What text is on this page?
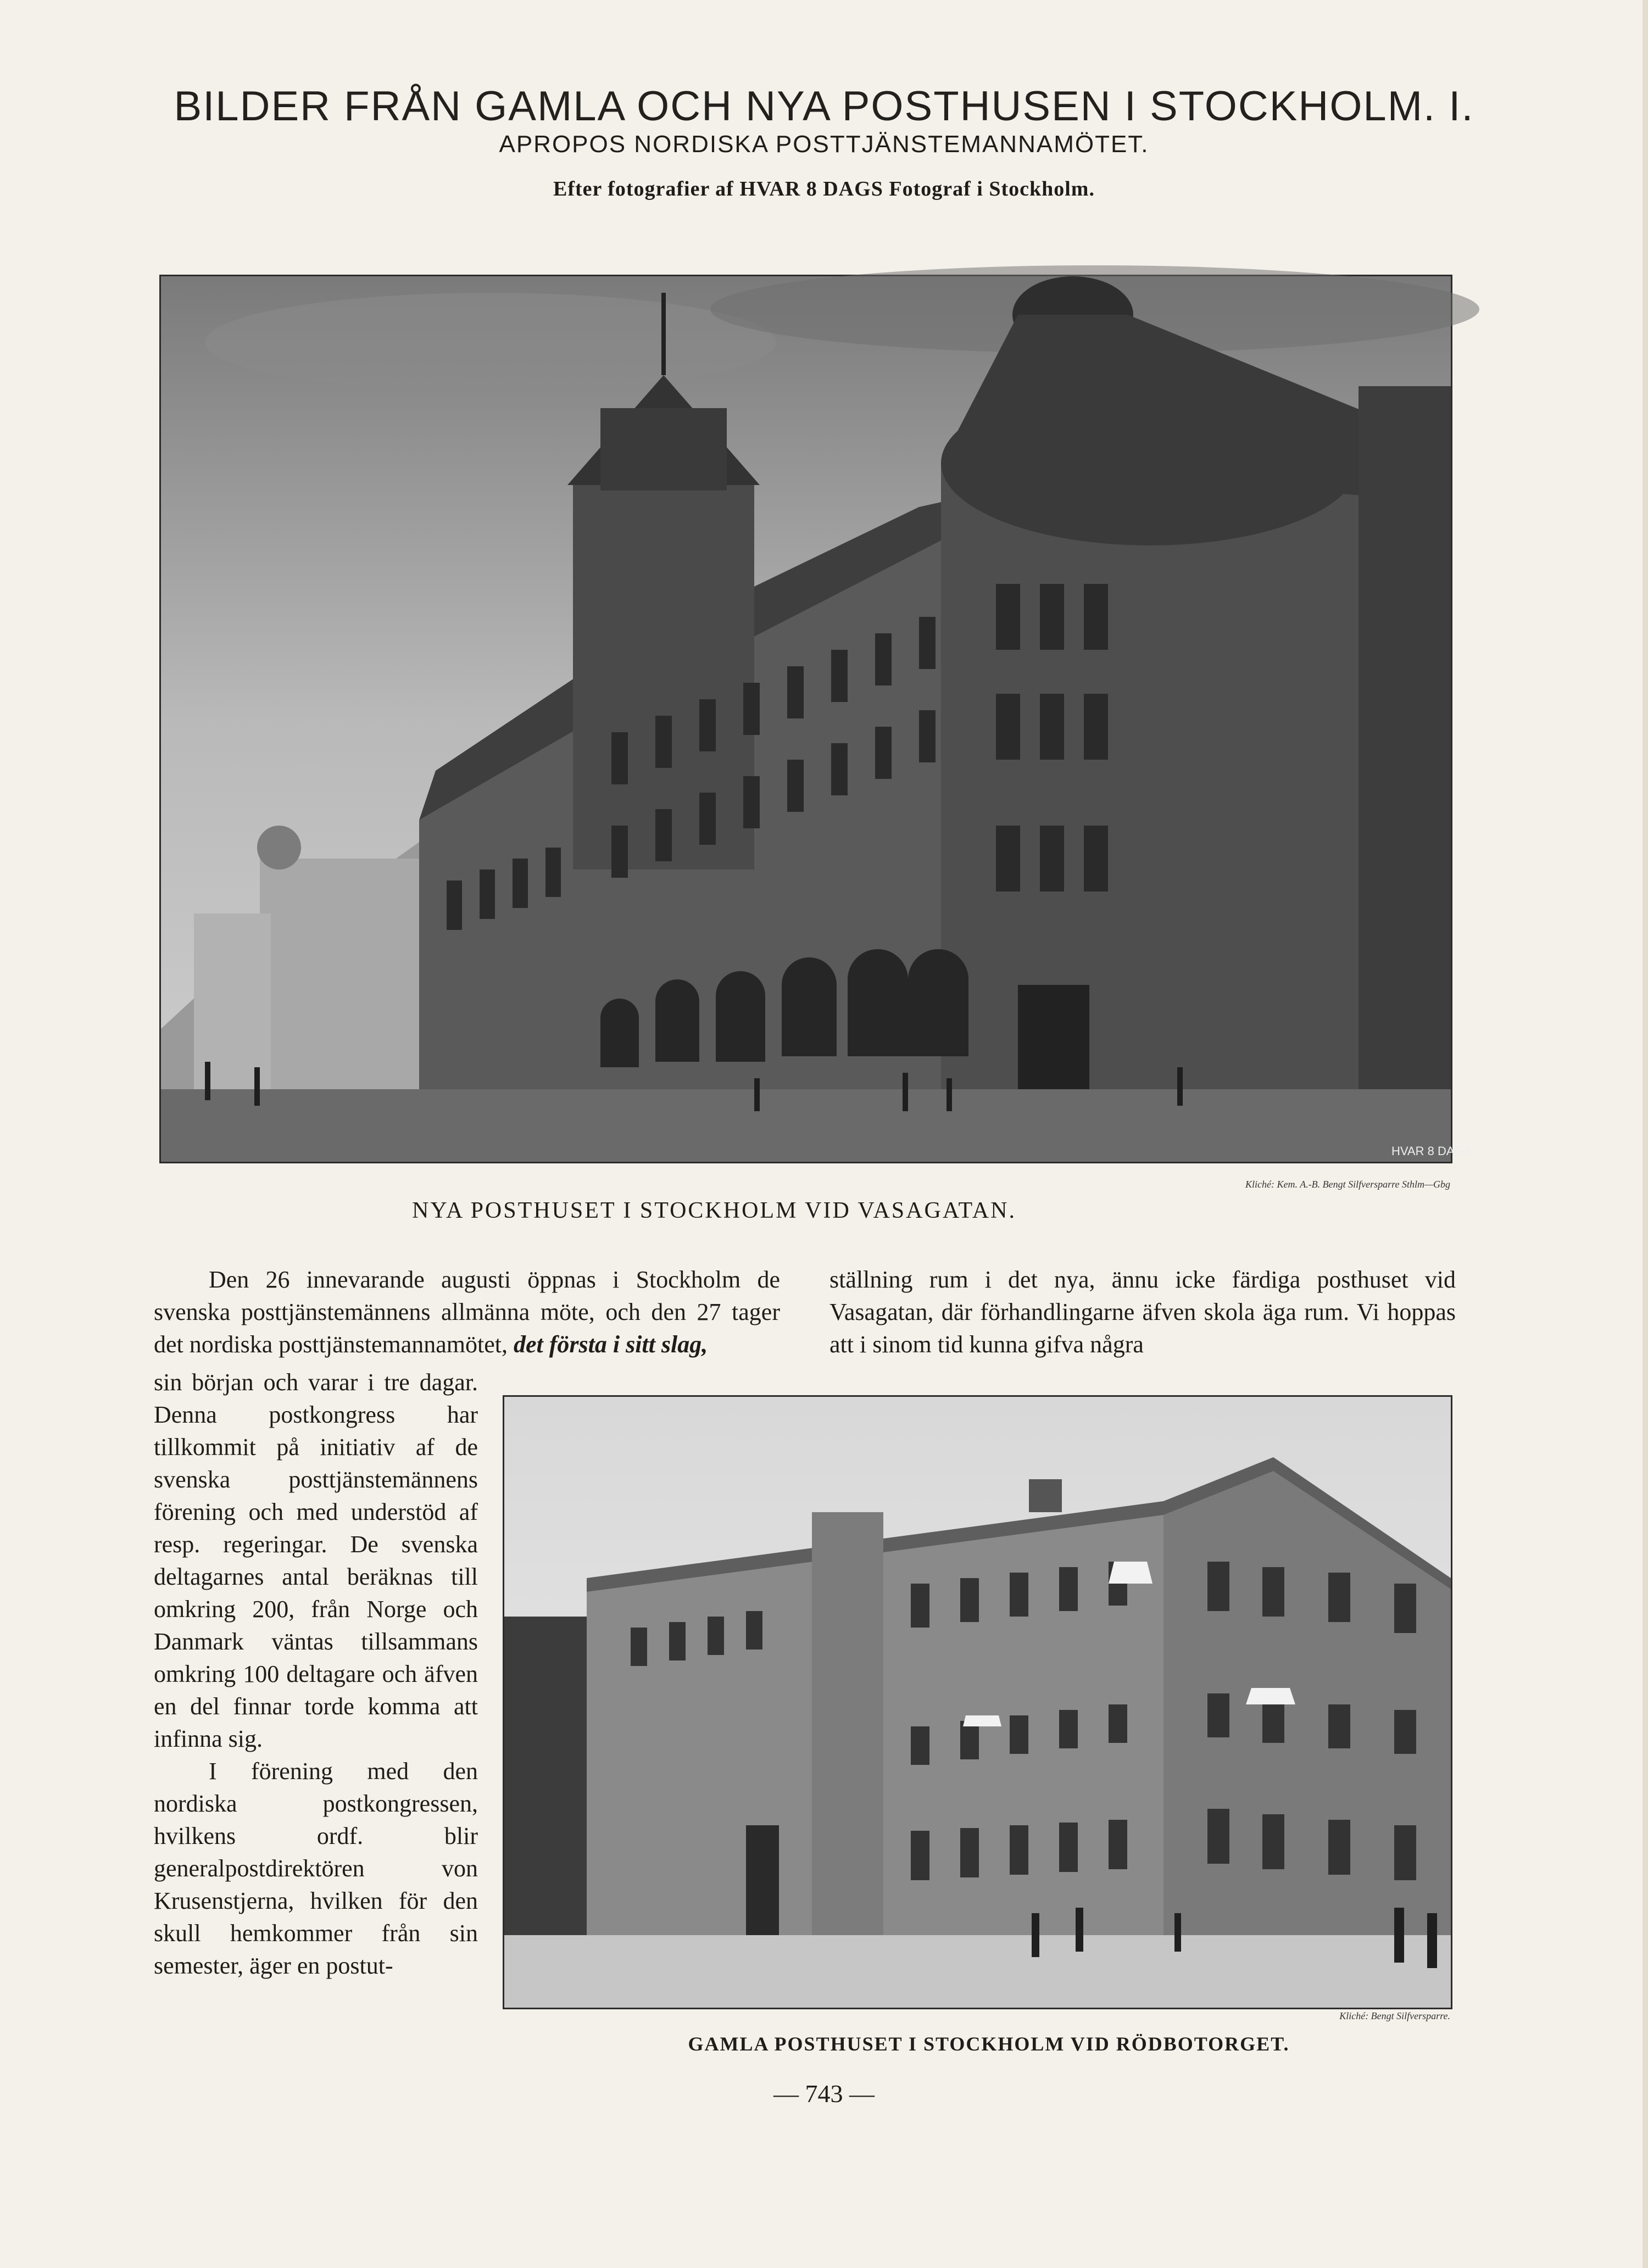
BILDER FRÅN GAMLA OCH NYA POSTHUSEN I STOCKHOLM. I.
APROPOS NORDISKA POSTTJÄNSTEMANNAMÖTET.
Efter fotografier af HVAR 8 DAGS Fotograf i Stockholm.
HVAR 8 DAGS
Kliché: Kem. A.-B. Bengt Silfversparre Sthlm—Gbg
NYA POSTHUSET I STOCKHOLM VID VASAGATAN.

Den 26 innevarande augusti öppnas i Stockholm de svenska posttjänstemännens allmänna möte, och den 27 tager det nordiska posttjänstemannamötet, det första i sitt slag,

sin början och varar i tre dagar. Denna postkongress har tillkommit på initiativ af de svenska posttjänstemännens förening och med understöd af resp. regeringar. De svenska deltagarnes antal beräknas till omkring 200, från Norge och Danmark väntas tillsammans omkring 100 deltagare och äfven en del finnar torde komma att infinna sig.

I förening med den nordiska postkongressen, hvilkens ordf. blir generalpostdirektören von Krusenstjerna, hvilken för den skull hemkommer från sin semester, äger en postut-

ställning rum i det nya, ännu icke färdiga posthuset vid Vasagatan, där förhandlingarne äfven skola äga rum. Vi hoppas att i sinom tid kunna gifva några

Kliché: Bengt Silfversparre.
GAMLA POSTHUSET I STOCKHOLM VID RÖDBOTORGET.
— 743 —
